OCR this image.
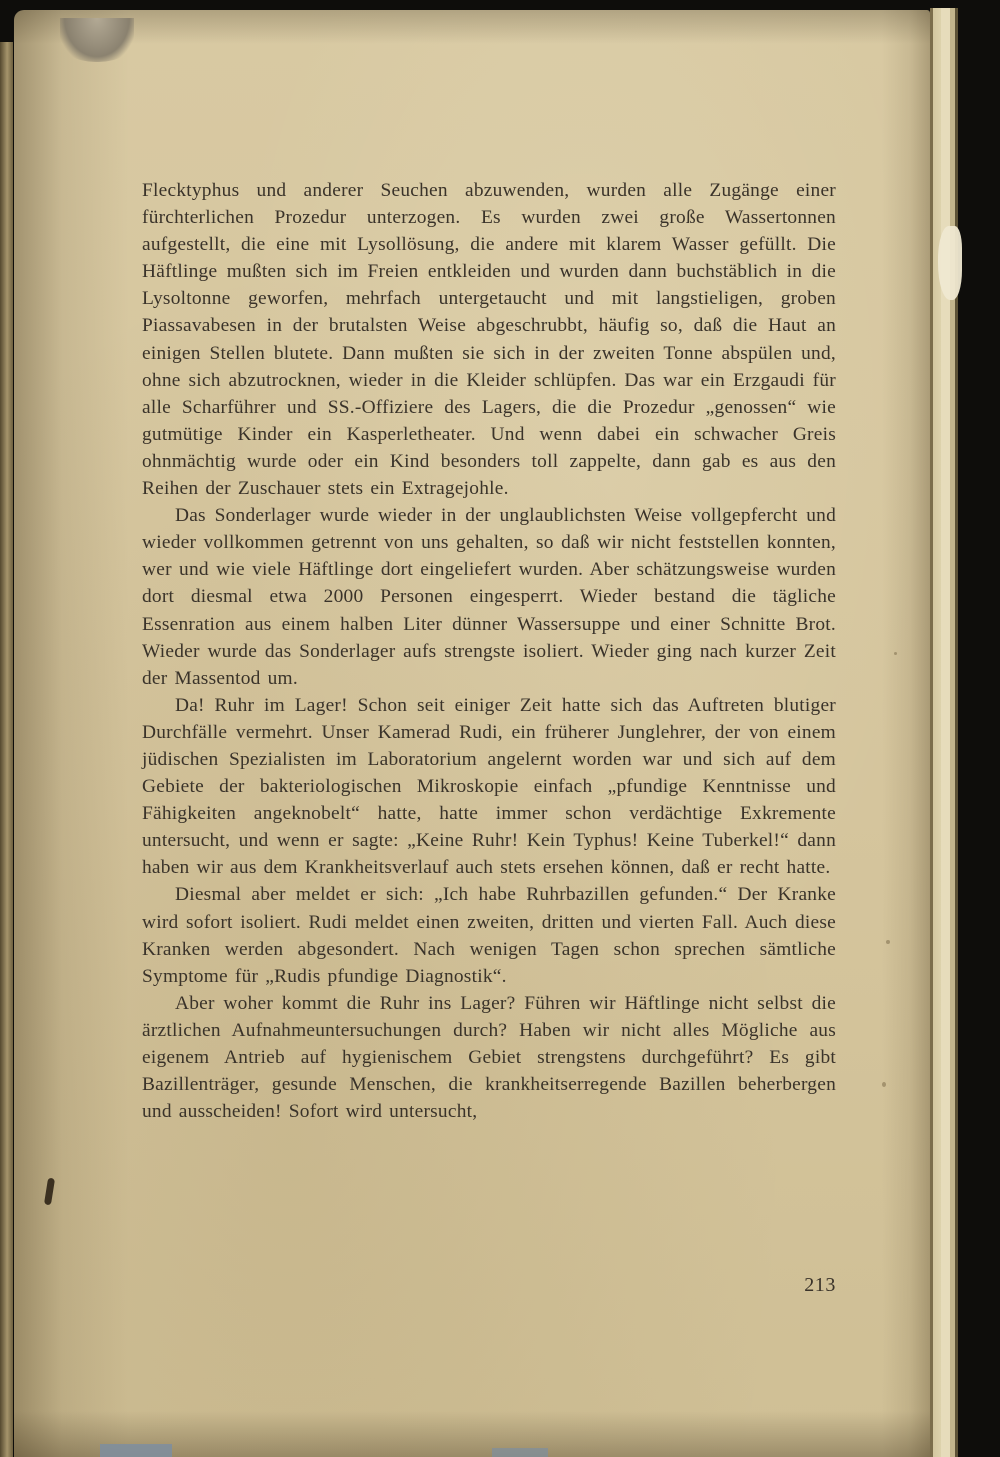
Flecktyphus und anderer Seuchen abzuwenden, wurden alle Zugänge einer fürchterlichen Prozedur unterzogen. Es wurden zwei große Wassertonnen aufgestellt, die eine mit Lysollösung, die andere mit klarem Wasser gefüllt. Die Häftlinge mußten sich im Freien entkleiden und wurden dann buchstäblich in die Lysoltonne geworfen, mehrfach untergetaucht und mit langstieligen, groben Piassavabesen in der brutalsten Weise abgeschrubbt, häufig so, daß die Haut an einigen Stellen blutete. Dann mußten sie sich in der zweiten Tonne abspülen und, ohne sich abzutrocknen, wieder in die Kleider schlüpfen. Das war ein Erzgaudi für alle Scharführer und SS.-Offiziere des Lagers, die die Prozedur „genossen“ wie gutmütige Kinder ein Kasperletheater. Und wenn dabei ein schwacher Greis ohnmächtig wurde oder ein Kind besonders toll zappelte, dann gab es aus den Reihen der Zuschauer stets ein Extragejohle.

Das Sonderlager wurde wieder in der unglaublichsten Weise vollgepfercht und wieder vollkommen getrennt von uns gehalten, so daß wir nicht feststellen konnten, wer und wie viele Häftlinge dort eingeliefert wurden. Aber schätzungsweise wurden dort diesmal etwa 2000 Personen eingesperrt. Wieder bestand die tägliche Essenration aus einem halben Liter dünner Wassersuppe und einer Schnitte Brot. Wieder wurde das Sonderlager aufs strengste isoliert. Wieder ging nach kurzer Zeit der Massentod um.

Da! Ruhr im Lager! Schon seit einiger Zeit hatte sich das Auftreten blutiger Durchfälle vermehrt. Unser Kamerad Rudi, ein früherer Junglehrer, der von einem jüdischen Spezialisten im Laboratorium angelernt worden war und sich auf dem Gebiete der bakteriologischen Mikroskopie einfach „pfundige Kenntnisse und Fähigkeiten angeknobelt“ hatte, hatte immer schon verdächtige Exkremente untersucht, und wenn er sagte: „Keine Ruhr! Kein Typhus! Keine Tuberkel!“ dann haben wir aus dem Krankheitsverlauf auch stets ersehen können, daß er recht hatte.

Diesmal aber meldet er sich: „Ich habe Ruhrbazillen gefunden.“ Der Kranke wird sofort isoliert. Rudi meldet einen zweiten, dritten und vierten Fall. Auch diese Kranken werden abgesondert. Nach wenigen Tagen schon sprechen sämtliche Symptome für „Rudis pfundige Diagnostik“.

Aber woher kommt die Ruhr ins Lager? Führen wir Häftlinge nicht selbst die ärztlichen Aufnahmeuntersuchungen durch? Haben wir nicht alles Mögliche aus eigenem Antrieb auf hygienischem Gebiet strengstens durchgeführt? Es gibt Bazillenträger, gesunde Menschen, die krankheitserregende Bazillen beherbergen und ausscheiden! Sofort wird untersucht,

213
